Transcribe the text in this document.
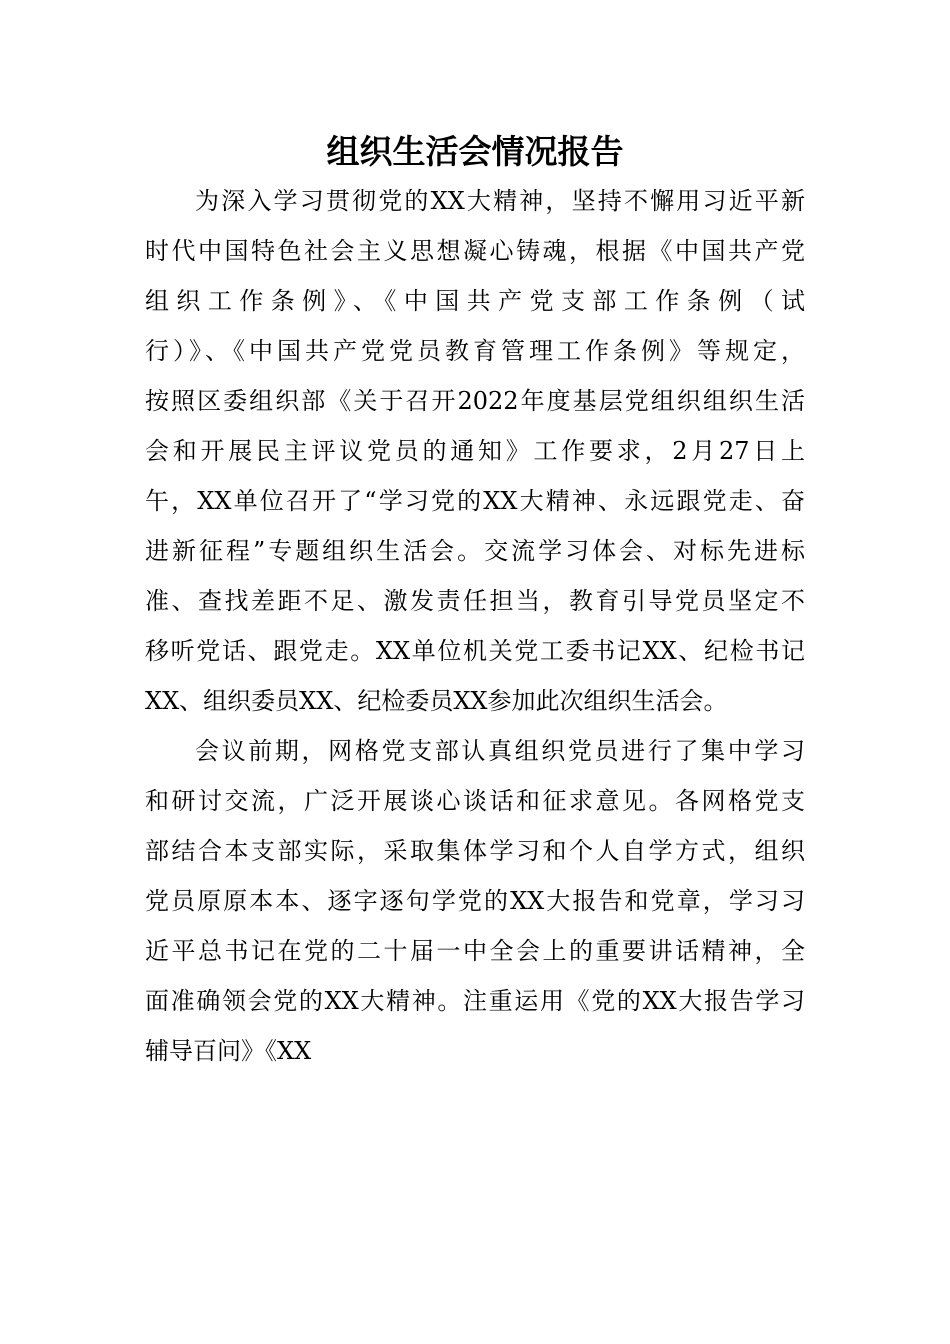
组织生活会情况报告
为深入学习贯彻党的XX大精神，坚持不懈用习近平新
时代中国特色社会主义思想凝心铸魂，根据《中国共产党
组织工作条例》、《中国共产党支部工作条例（试
行）》、《中国共产党党员教育管理工作条例》等规定，
按照区委组织部《关于召开2022年度基层党组织组织生活
会和开展民主评议党员的通知》工作要求，2月27日上
午，XX单位召开了“学习党的XX大精神、永远跟党走、奋
进新征程”专题组织生活会。交流学习体会、对标先进标
准、查找差距不足、激发责任担当，教育引导党员坚定不
移听党话、跟党走。XX单位机关党工委书记XX、纪检书记
XX、组织委员XX、纪检委员XX参加此次组织生活会。
会议前期，网格党支部认真组织党员进行了集中学习
和研讨交流，广泛开展谈心谈话和征求意见。各网格党支
部结合本支部实际，采取集体学习和个人自学方式，组织
党员原原本本、逐字逐句学党的XX大报告和党章，学习习
近平总书记在党的二十届一中全会上的重要讲话精神，全
面准确领会党的XX大精神。注重运用《党的XX大报告学习
辅导百问》《XX
